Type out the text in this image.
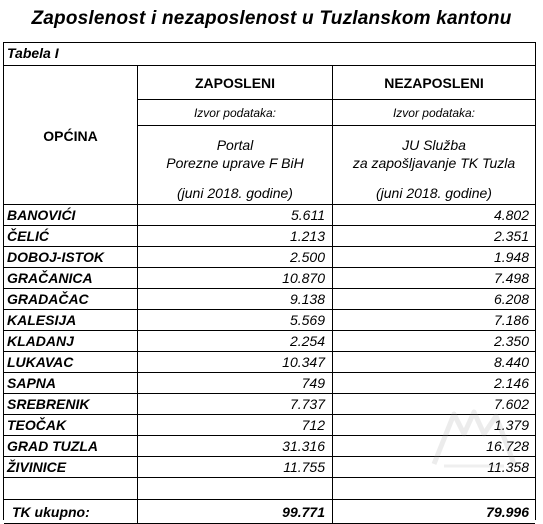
Zaposlenost i nezaposlenost u Tuzlanskom kantonu
Tabela I
OPĆINA
ZAPOSLENI
Izvor podataka:
Portal
Porezne uprave F BiH
(juni 2018. godine)
NEZAPOSLENI
Izvor podataka:
JU Služba
za zapošljavanje TK Tuzla
(juni 2018. godine)
BANOVIĆI	5.611	4.802
ČELIĆ	1.213	2.351
DOBOJ-ISTOK	2.500	1.948
GRAČANICA	10.870	7.498
GRADAČAC	9.138	6.208
KALESIJA	5.569	7.186
KLADANJ	2.254	2.350
LUKAVAC	10.347	8.440
SAPNA	749	2.146
SREBRENIK	7.737	7.602
TEOČAK	712	1.379
GRAD TUZLA	31.316	16.728
ŽIVINICE	11.755	11.358
TK ukupno:	99.771	79.996
